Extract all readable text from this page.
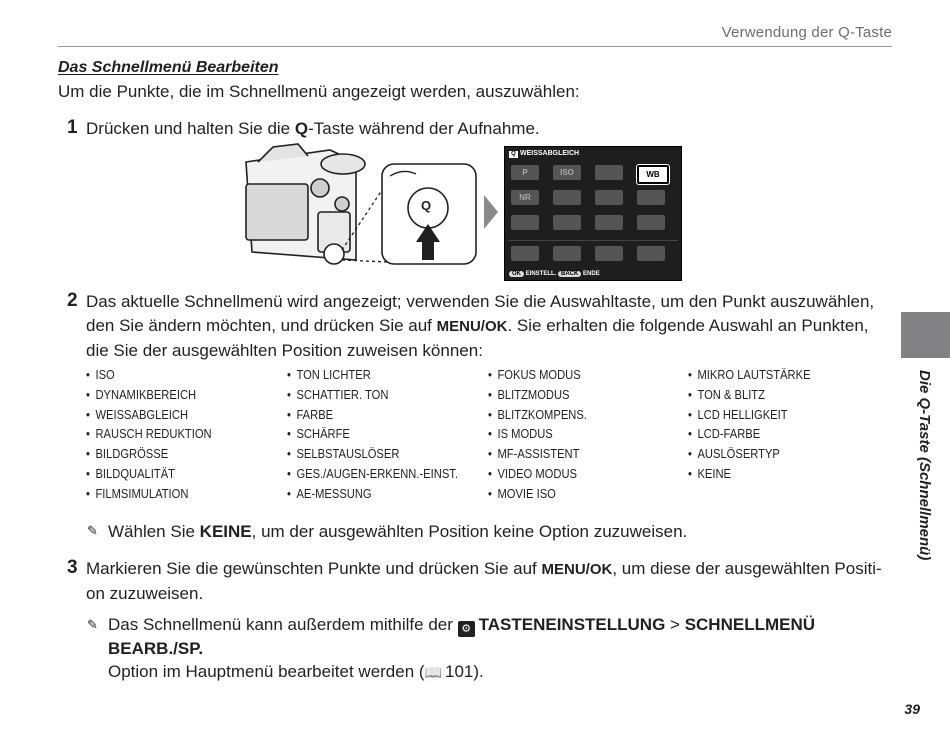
Verwendung der Q-Taste
Das Schnellmenü Bearbeiten
Um die Punkte, die im Schnellmenü angezeigt werden, auszuwählen:
1 Drücken und halten Sie die Q-Taste während der Aufnahme.
Q
Q WEISSABGLEICH
P	ISO	WB
NR
OK EINSTELL. BACK ENDE
2 Das aktuelle Schnellmenü wird angezeigt; verwenden Sie die Auswahltaste, um den Punkt auszuwählen,
den Sie ändern möchten, und drücken Sie auf MENU/OK. Sie erhalten die folgende Auswahl an Punkten,
die Sie der ausgewählten Position zuweisen können:
• ISO
• DYNAMIKBEREICH
• WEISSABGLEICH
• RAUSCH REDUKTION
• BILDGRÖSSE
• BILDQUALITÄT
• FILMSIMULATION
• TON LICHTER
• SCHATTIER. TON
• FARBE
• SCHÄRFE
• SELBSTAUSLÖSER
• GES./AUGEN-ERKENN.-EINST.
• AE-MESSUNG
• FOKUS MODUS
• BLITZMODUS
• BLITZKOMPENS.
• IS MODUS
• MF-ASSISTENT
• VIDEO MODUS
• MOVIE ISO
• MIKRO LAUTSTÄRKE
• TON & BLITZ
• LCD HELLIGKEIT
• LCD-FARBE
• AUSLÖSERTYP
• KEINE
✎ Wählen Sie KEINE, um der ausgewählten Position keine Option zuzuweisen.
3 Markieren Sie die gewünschten Punkte und drücken Sie auf MENU/OK, um diese der ausgewählten Positi-
on zuzuweisen.
✎ Das Schnellmenü kann außerdem mithilfe der ⚙ TASTENEINSTELLUNG > SCHNELLMENÜ BEARB./SP.
Option im Hauptmenü bearbeitet werden (📖 101).
Die Q-Taste (Schnellmenü)
39
